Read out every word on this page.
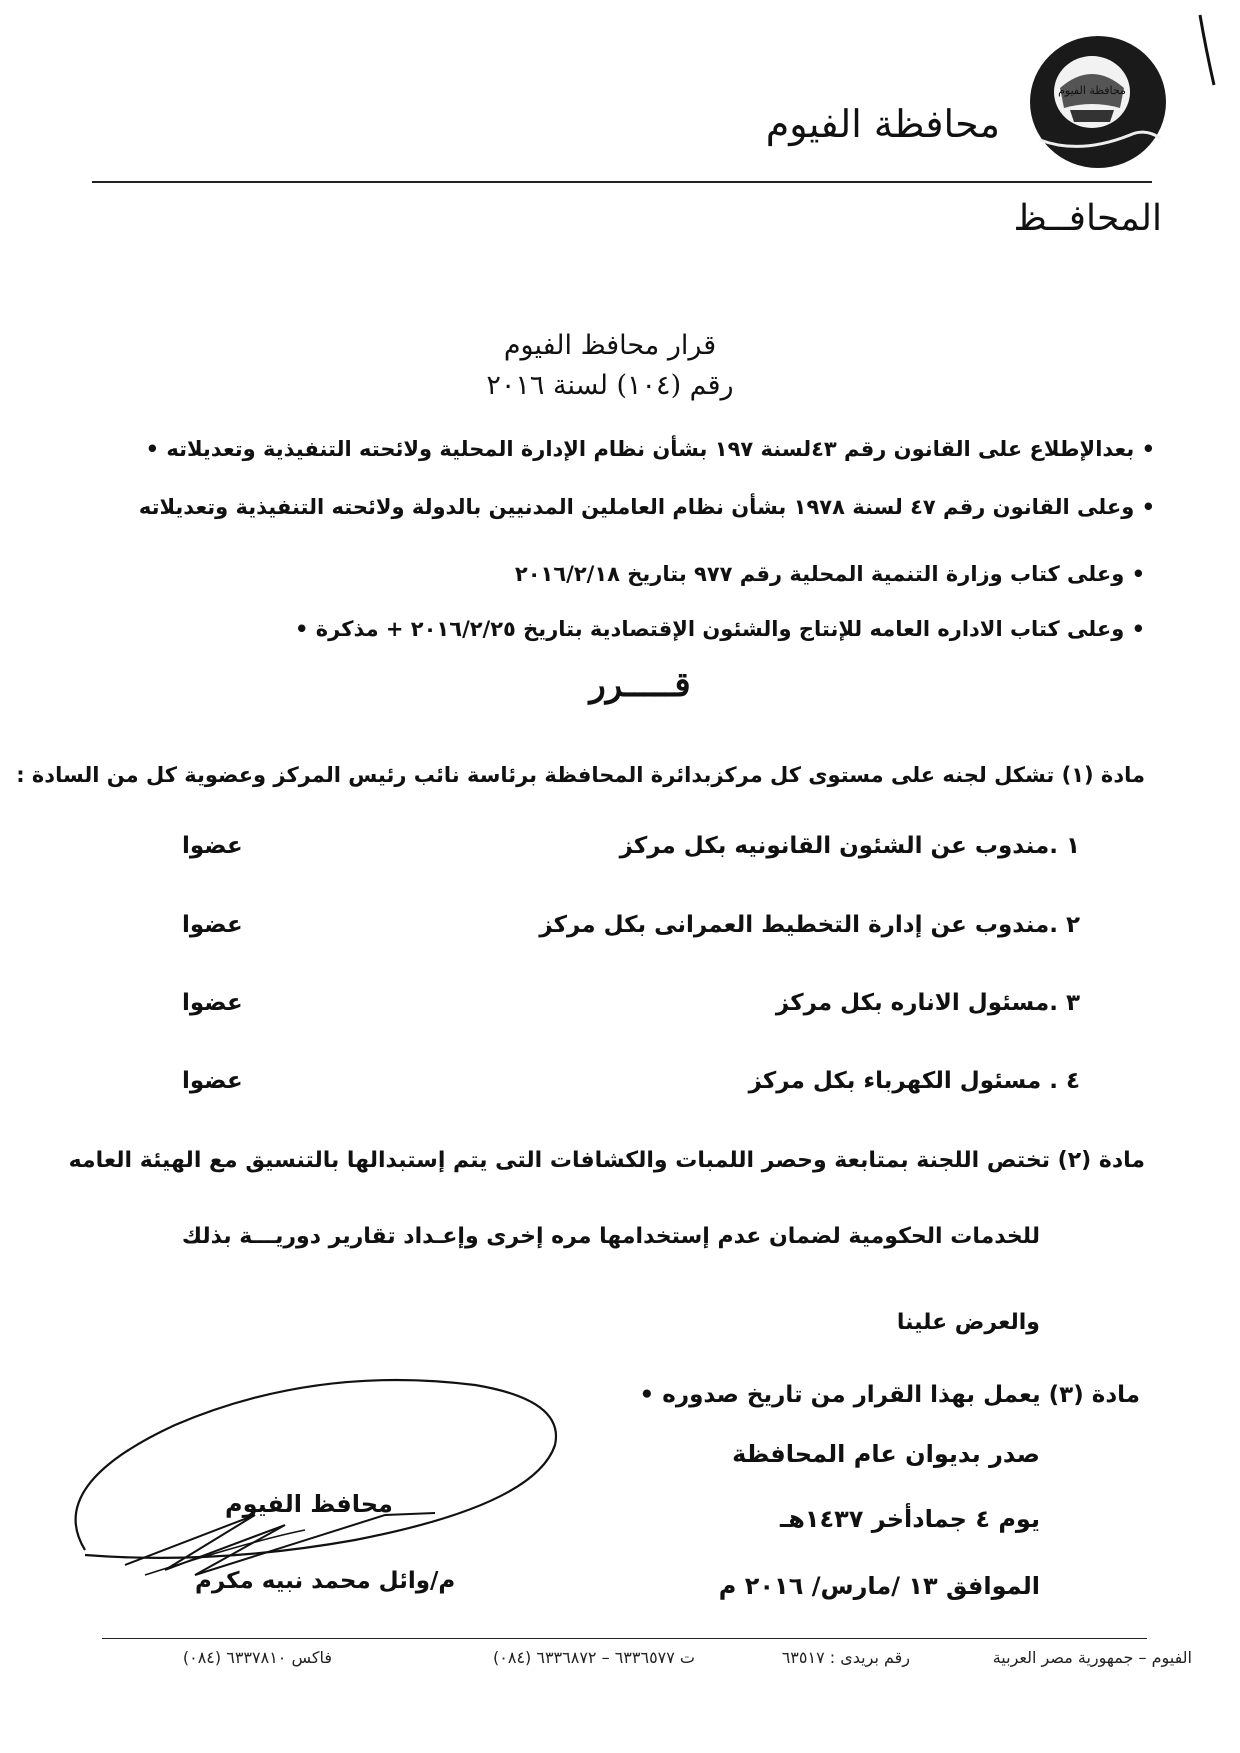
محافظة الفيوم
محافظة الفيوم
المحافــظ
قرار محافظ الفيوم
رقم (١٠٤) لسنة ٢٠١٦
• بعدالإطلاع على القانون رقم ٤٣لسنة ١٩٧ بشأن نظام الإدارة المحلية ولائحته التنفيذية وتعديلاته •
• وعلى القانون رقم ٤٧ لسنة ١٩٧٨ بشأن نظام العاملين المدنيين بالدولة ولائحته التنفيذية وتعديلاته
• وعلى كتاب وزارة التنمية المحلية رقم ٩٧٧ بتاريخ ٢٠١٦/٢/١٨
• وعلى كتاب الاداره العامه للإنتاج والشئون الإقتصادية بتاريخ ٢٠١٦/٢/٢٥ + مذكرة •
قـــــرر
مادة (١) تشكل لجنه على مستوى كل مركزبدائرة المحافظة برئاسة نائب رئيس المركز وعضوية كل من السادة :
١ .مندوب عن الشئون القانونيه بكل مركز
عضوا
٢ .مندوب عن إدارة التخطيط العمرانى بكل مركز
عضوا
٣ .مسئول الاناره بكل مركز
عضوا
٤ . مسئول الكهرباء بكل مركز
عضوا
مادة (٢) تختص اللجنة بمتابعة وحصر اللمبات والكشافات التى يتم إستبدالها بالتنسيق مع الهيئة العامه
للخدمات الحكومية لضمان عدم إستخدامها مره إخرى وإعـداد تقارير دوريـــة بذلك
والعرض علينا
مادة (٣) يعمل بهذا القرار من تاريخ صدوره •
صدر بديوان عام المحافظة
يوم ٤ جمادأخر ١٤٣٧هـ
الموافق ١٣ /مارس/ ٢٠١٦ م
محافظ الفيوم
م/وائل محمد نبيه مكرم
الفيوم – جمهورية مصر العربية
رقم بريدى : ٦٣٥١٧
ت ٦٣٣٦٥٧٧ – ٦٣٣٦٨٧٢ (٠٨٤)
فاكس ٦٣٣٧٨١٠ (٠٨٤)
